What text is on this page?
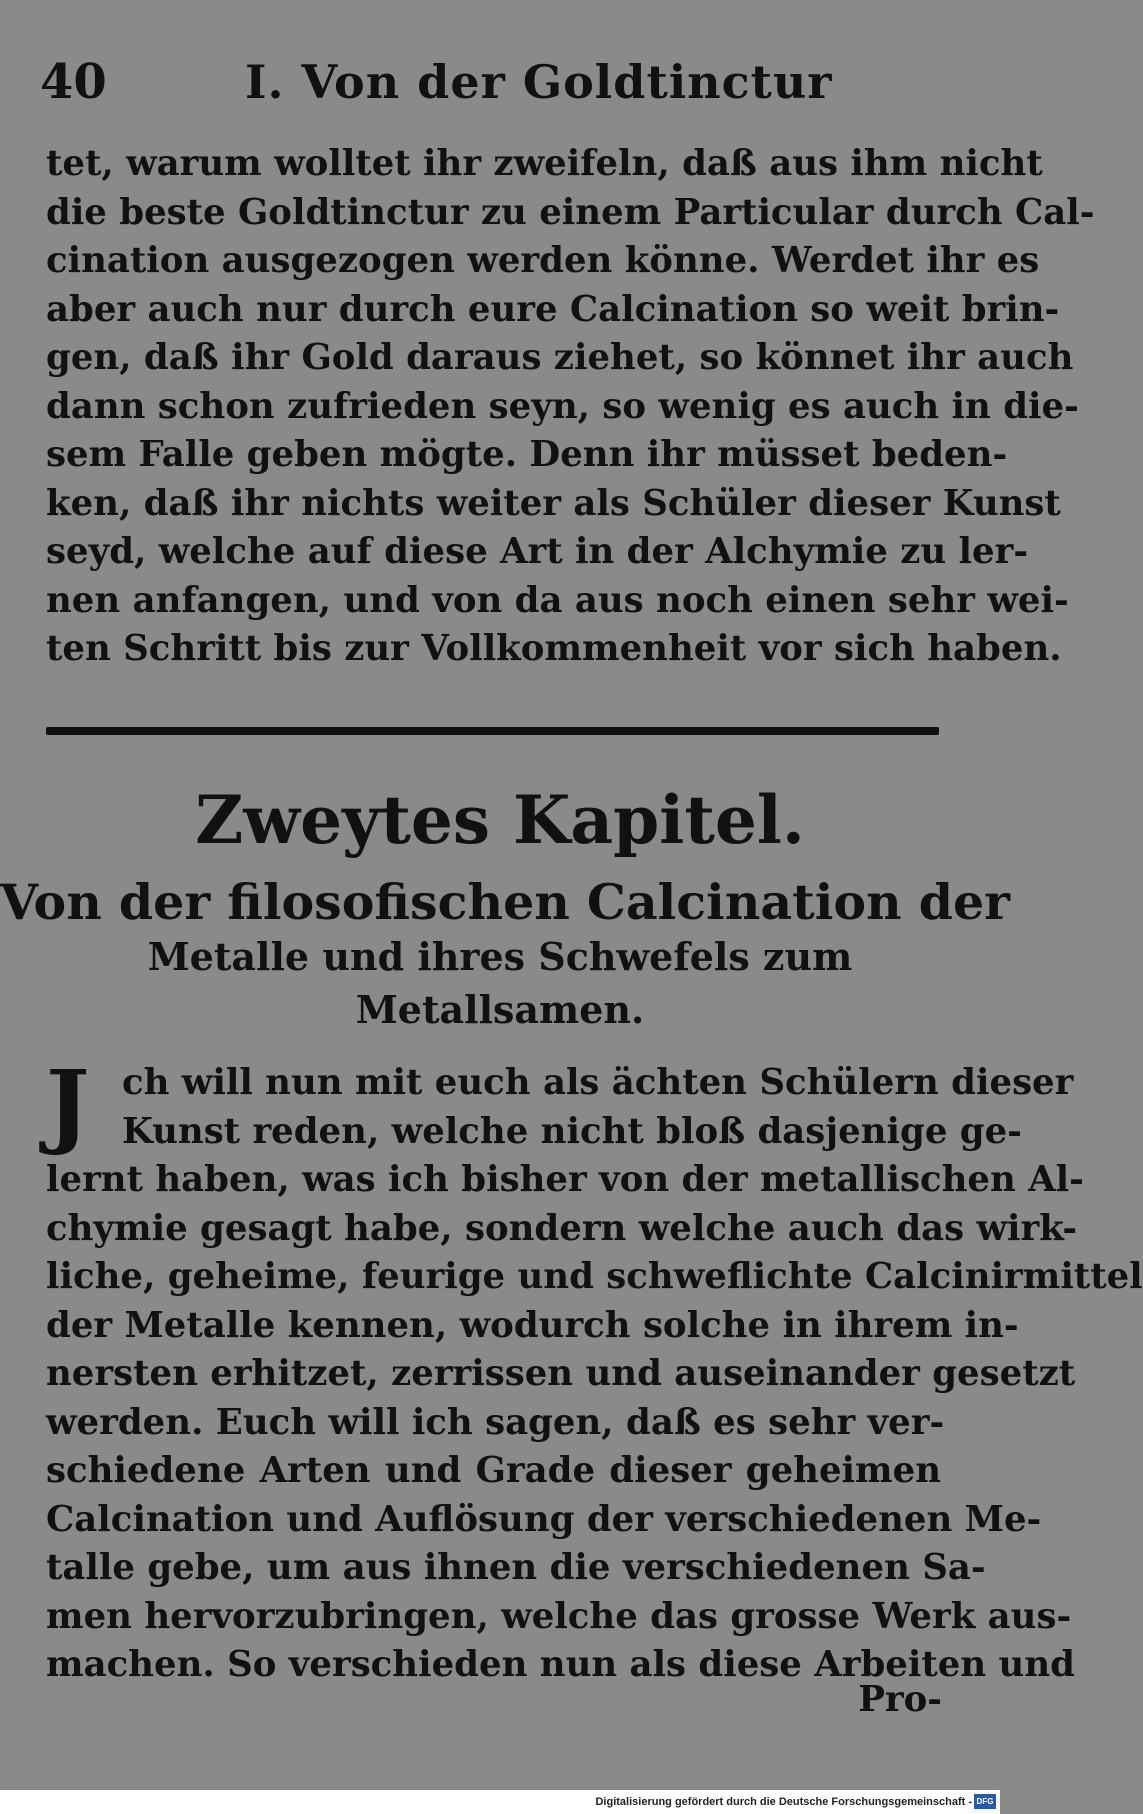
40	I. Von der Goldtinctur
tet, warum wolltet ihr zweifeln, daß aus ihm nicht
die beste Goldtinctur zu einem Particular durch Cal-
cination ausgezogen werden könne. Werdet ihr es
aber auch nur durch eure Calcination so weit brin-
gen, daß ihr Gold daraus ziehet, so könnet ihr auch
dann schon zufrieden seyn, so wenig es auch in die-
sem Falle geben mögte. Denn ihr müsset beden-
ken, daß ihr nichts weiter als Schüler dieser Kunst
seyd, welche auf diese Art in der Alchymie zu ler-
nen anfangen, und von da aus noch einen sehr wei-
ten Schritt bis zur Vollkommenheit vor sich haben.
Zweytes Kapitel.
Von der filosofischen Calcination der
Metalle und ihres Schwefels zum
Metallsamen.
J ch will nun mit euch als ächten Schülern dieser
Kunst reden, welche nicht bloß dasjenige ge-
lernt haben, was ich bisher von der metallischen Al-
chymie gesagt habe, sondern welche auch das wirk-
liche, geheime, feurige und schweflichte Calcinirmittel
der Metalle kennen, wodurch solche in ihrem in-
nersten erhitzet, zerrissen und auseinander gesetzt
werden. Euch will ich sagen, daß es sehr ver-
schiedene Arten und Grade dieser geheimen
Calcination und Auflösung der verschiedenen Me-
talle gebe, um aus ihnen die verschiedenen Sa-
men hervorzubringen, welche das grosse Werk aus-
machen. So verschieden nun als diese Arbeiten und
Pro-
Digitalisierung gefördert durch die Deutsche Forschungsgemeinschaft - DFG
